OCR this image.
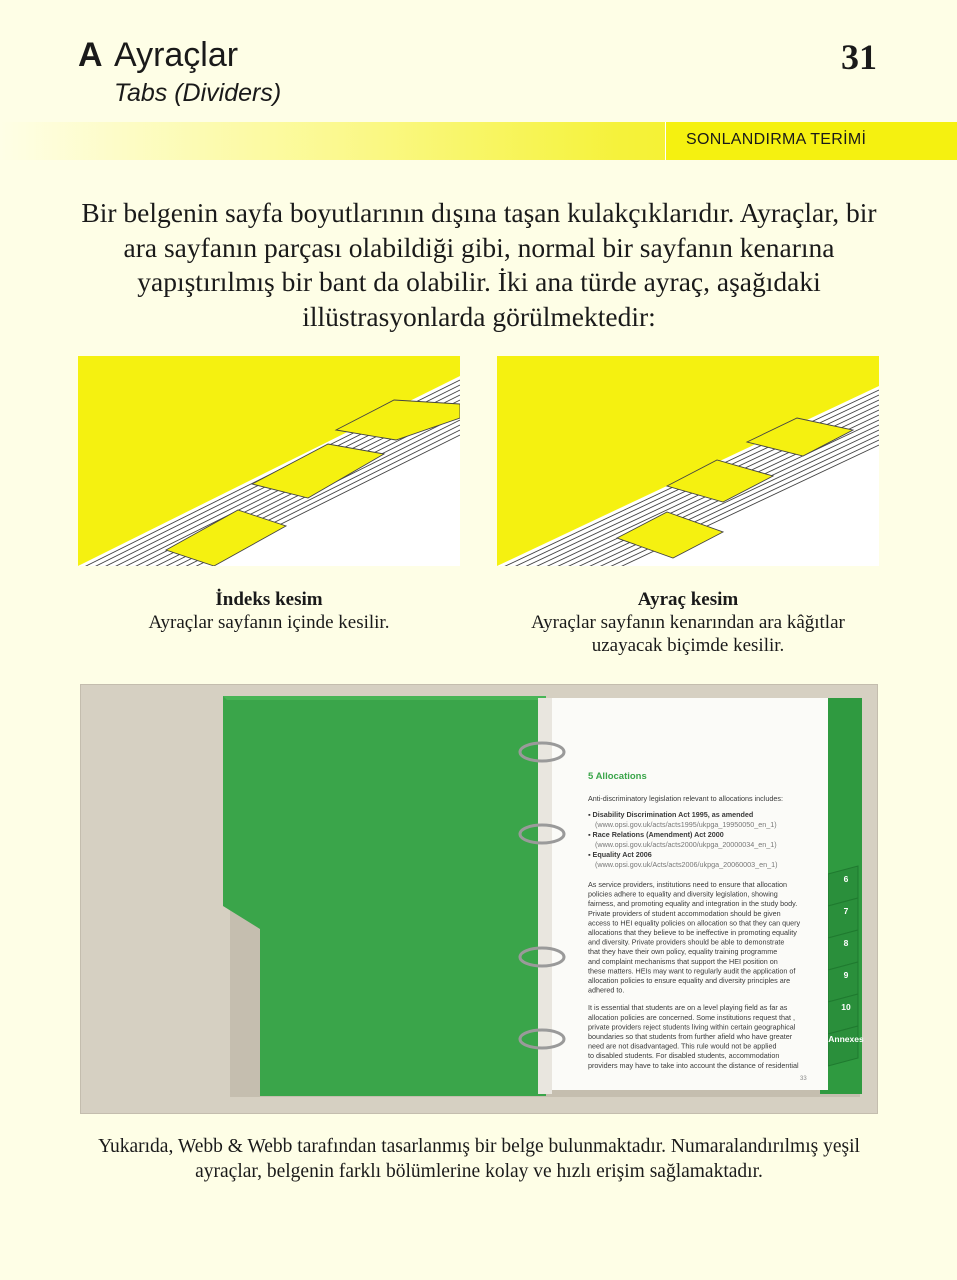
A Ayraçlar
Tabs (Dividers)
31
SONLANDIRMA TERİMİ
Bir belgenin sayfa boyutlarının dışına taşan kulakçıklarıdır. Ayraçlar, bir ara sayfanın parçası olabildiği gibi, normal bir sayfanın kenarına yapıştırılmış bir bant da olabilir. İki ana türde ayraç, aşağıdaki illüstrasyonlarda görülmektedir:
İndeks kesim
Ayraçlar sayfanın içinde kesilir.
Ayraç kesim
Ayraçlar sayfanın kenarından ara kâğıtlar uzayacak biçimde kesilir.
6
7
8
9
10
Annexes
5 Allocations
Anti-discriminatory legislation relevant to allocations includes:
▪ Disability Discrimination Act 1995, as amended
(www.opsi.gov.uk/acts/acts1995/ukpga_19950050_en_1)
▪ Race Relations (Amendment) Act 2000
(www.opsi.gov.uk/acts/acts2000/ukpga_20000034_en_1)
▪ Equality Act 2006
(www.opsi.gov.uk/Acts/acts2006/ukpga_20060003_en_1)
As service providers, institutions need to ensure that allocation
policies adhere to equality and diversity legislation, showing
fairness, and promoting equality and integration in the study body.
Private providers of student accommodation should be given
access to HEI equality policies on allocation so that they can query
allocations that they believe to be ineffective in promoting equality
and diversity. Private providers should be able to demonstrate
that they have their own policy, equality training programme
and complaint mechanisms that support the HEI position on
these matters. HEIs may want to regularly audit the application of
allocation policies to ensure equality and diversity principles are
adhered to.
It is essential that students are on a level playing field as far as
allocation policies are concerned. Some institutions request that ,
private providers reject students living within certain geographical
boundaries so that students from further afield who have greater
need are not disadvantaged. This rule would not be applied
to disabled students. For disabled students, accommodation
providers may have to take into account the distance of residential
33
Yukarıda, Webb & Webb tarafından tasarlanmış bir belge bulunmaktadır. Numaralandırılmış yeşil ayraçlar, belgenin farklı bölümlerine kolay ve hızlı erişim sağlamaktadır.
